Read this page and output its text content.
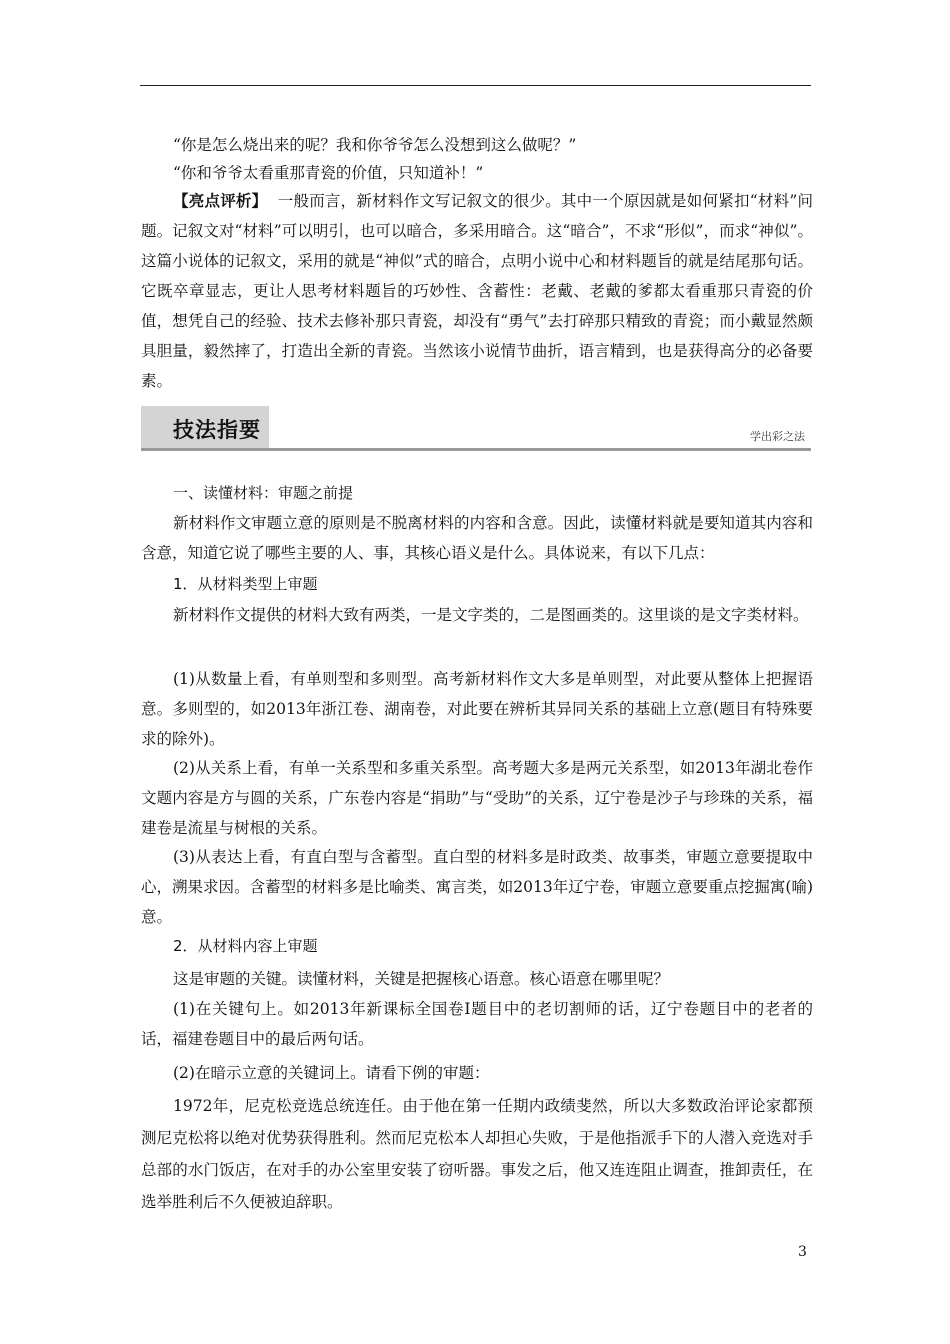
“你是怎么烧出来的呢？我和你爷爷怎么没想到这么做呢？”

“你和爷爷太看重那青瓷的价值，只知道补！”

【亮点评析】 一般而言，新材料作文写记叙文的很少。其中一个原因就是如何紧扣“材料”问题。记叙文对“材料”可以明引，也可以暗合，多采用暗合。这“暗合”，不求“形似”，而求“神似”。这篇小说体的记叙文，采用的就是“神似”式的暗合，点明小说中心和材料题旨的就是结尾那句话。它既卒章显志，更让人思考材料题旨的巧妙性、含蓄性：老戴、老戴的爹都太看重那只青瓷的价值，想凭自己的经验、技术去修补那只青瓷，却没有“勇气”去打碎那只精致的青瓷；而小戴显然颇具胆量，毅然摔了，打造出全新的青瓷。当然该小说情节曲折，语言精到，也是获得高分的必备要素。

技法指要	学出彩之法

一、读懂材料：审题之前提

新材料作文审题立意的原则是不脱离材料的内容和含意。因此，读懂材料就是要知道其内容和含意，知道它说了哪些主要的人、事，其核心语义是什么。具体说来，有以下几点：

1．从材料类型上审题

新材料作文提供的材料大致有两类，一是文字类的，二是图画类的。这里谈的是文字类材料。

(1)从数量上看，有单则型和多则型。高考新材料作文大多是单则型，对此要从整体上把握语意。多则型的，如2013年浙江卷、湖南卷，对此要在辨析其异同关系的基础上立意(题目有特殊要求的除外)。

(2)从关系上看，有单一关系型和多重关系型。高考题大多是两元关系型，如2013年湖北卷作文题内容是方与圆的关系，广东卷内容是“捐助”与“受助”的关系，辽宁卷是沙子与珍珠的关系，福建卷是流星与树根的关系。

(3)从表达上看，有直白型与含蓄型。直白型的材料多是时政类、故事类，审题立意要提取中心，溯果求因。含蓄型的材料多是比喻类、寓言类，如2013年辽宁卷，审题立意要重点挖掘寓(喻)意。

2．从材料内容上审题

这是审题的关键。读懂材料，关键是把握核心语意。核心语意在哪里呢？

(1)在关键句上。如2013年新课标全国卷Ⅰ题目中的老切割师的话，辽宁卷题目中的老者的话，福建卷题目中的最后两句话。

(2)在暗示立意的关键词上。请看下例的审题：

1972年，尼克松竞选总统连任。由于他在第一任期内政绩斐然，所以大多数政治评论家都预测尼克松将以绝对优势获得胜利。然而尼克松本人却担心失败，于是他指派手下的人潜入竞选对手总部的水门饭店，在对手的办公室里安装了窃听器。事发之后，他又连连阻止调查，推卸责任，在选举胜利后不久便被迫辞职。

3
